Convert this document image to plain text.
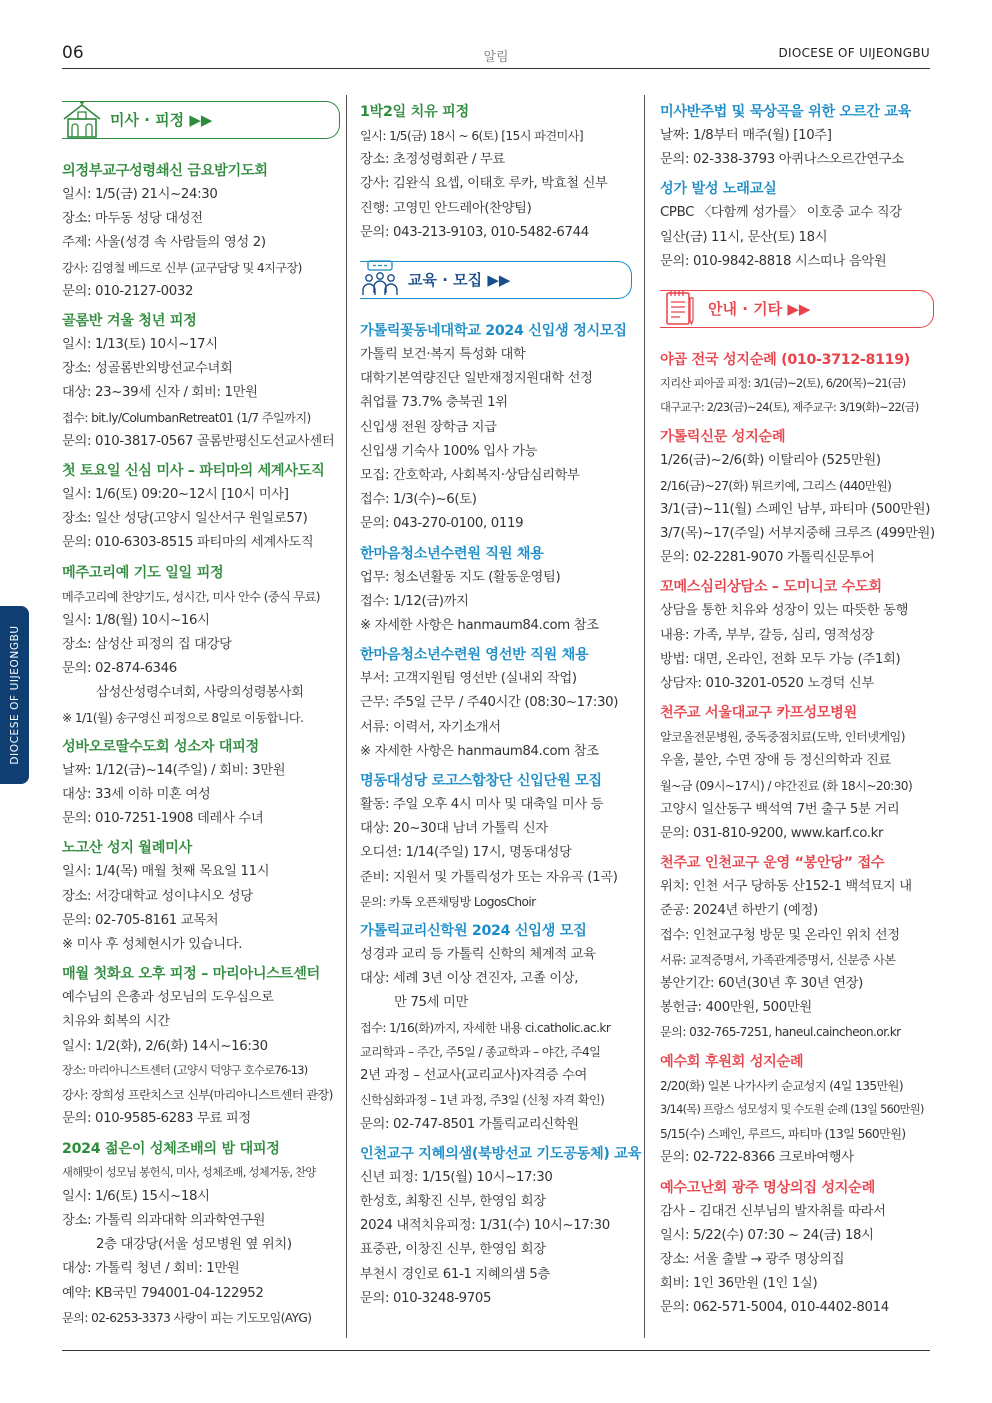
06	알림	DIOCESE OF UIJEONGBU
DIOCESE OF UIJEONGBU
미사 · 피정 ▶▶
의정부교구성령쇄신 금요밤기도회
일시: 1/5(금) 21시~24:30
장소: 마두동 성당 대성전
주제: 사울(성경 속 사람들의 영성 2)
강사: 김영철 베드로 신부 (교구담당 및 4지구장)
문의: 010-2127-0032
골롬반 겨울 청년 피정
일시: 1/13(토) 10시~17시
장소: 성골롬반외방선교수녀회
대상: 23~39세 신자 / 회비: 1만원
접수: bit.ly/ColumbanRetreat01 (1/7 주일까지)
문의: 010-3817-0567 골롬반평신도선교사센터
첫 토요일 신심 미사 – 파티마의 세계사도직
일시: 1/6(토) 09:20~12시 [10시 미사]
장소: 일산 성당(고양시 일산서구 원일로57)
문의: 010-6303-8515 파티마의 세계사도직
메주고리예 기도 일일 피정
메주고리예 찬양기도, 성시간, 미사 안수 (중식 무료)
일시: 1/8(월) 10시~16시
장소: 삼성산 피정의 집 대강당
문의: 02-874-6346
삼성산성령수녀회, 사랑의성령봉사회
※ 1/1(월) 송구영신 피정으로 8일로 이동합니다.
성바오로딸수도회 성소자 대피정
날짜: 1/12(금)~14(주일) / 회비: 3만원
대상: 33세 이하 미혼 여성
문의: 010-7251-1908 데레사 수녀
노고산 성지 월례미사
일시: 1/4(목) 매월 첫째 목요일 11시
장소: 서강대학교 성이냐시오 성당
문의: 02-705-8161 교목처
※ 미사 후 성체현시가 있습니다.
매월 첫화요 오후 피정 – 마리아니스트센터
예수님의 은총과 성모님의 도우심으로
치유와 회복의 시간
일시: 1/2(화), 2/6(화) 14시~16:30
장소: 마리아니스트센터 (고양시 덕양구 호수로76-13)
강사: 장희성 프란치스코 신부(마리아니스트센터 관장)
문의: 010-9585-6283 무료 피정
2024 젊은이 성체조배의 밤 대피정
새해맞이 성모님 봉헌식, 미사, 성체조배, 성체거동, 찬양
일시: 1/6(토) 15시~18시
장소: 가톨릭 의과대학 의과학연구원
2층 대강당(서울 성모병원 옆 위치)
대상: 가톨릭 청년 / 회비: 1만원
예약: KB국민 794001-04-122952
문의: 02-6253-3373 사랑이 피는 기도모임(AYG)
1박2일 치유 피정
일시: 1/5(금) 18시 ~ 6(토) [15시 파견미사]
장소: 초정성령회관 / 무료
강사: 김완식 요셉, 이태호 루카, 박효철 신부
진행: 고영민 안드레아(찬양팀)
문의: 043-213-9103, 010-5482-6744
교육 · 모집 ▶▶
가톨릭꽃동네대학교 2024 신입생 정시모집
가톨릭 보건·복지 특성화 대학
대학기본역량진단 일반재정지원대학 선정
취업률 73.7% 충북권 1위
신입생 전원 장학금 지급
신입생 기숙사 100% 입사 가능
모집: 간호학과, 사회복지·상담심리학부
접수: 1/3(수)~6(토)
문의: 043-270-0100, 0119
한마음청소년수련원 직원 채용
업무: 청소년활동 지도 (활동운영팀)
접수: 1/12(금)까지
※ 자세한 사항은 hanmaum84.com 참조
한마음청소년수련원 영선반 직원 채용
부서: 고객지원팀 영선반 (실내외 작업)
근무: 주5일 근무 / 주40시간 (08:30~17:30)
서류: 이력서, 자기소개서
※ 자세한 사항은 hanmaum84.com 참조
명동대성당 로고스합창단 신입단원 모집
활동: 주일 오후 4시 미사 및 대축일 미사 등
대상: 20~30대 남녀 가톨릭 신자
오디션: 1/14(주일) 17시, 명동대성당
준비: 지원서 및 가톨릭성가 또는 자유곡 (1곡)
문의: 카톡 오픈채팅방 LogosChoir
가톨릭교리신학원 2024 신입생 모집
성경과 교리 등 가톨릭 신학의 체계적 교육
대상: 세례 3년 이상 견진자, 고졸 이상,
만 75세 미만
접수: 1/16(화)까지, 자세한 내용 ci.catholic.ac.kr
교리학과 – 주간, 주5일 / 종교학과 – 야간, 주4일
2년 과정 – 선교사(교리교사)자격증 수여
신학심화과정 – 1년 과정, 주3일 (신청 자격 확인)
문의: 02-747-8501 가톨릭교리신학원
인천교구 지혜의샘(북방선교 기도공동체) 교육
신년 피정: 1/15(월) 10시~17:30
한성호, 최황진 신부, 한영임 회장
2024 내적치유피정: 1/31(수) 10시~17:30
표중관, 이창진 신부, 한영임 회장
부천시 경인로 61-1 지혜의샘 5층
문의: 010-3248-9705
미사반주법 및 묵상곡을 위한 오르간 교육
날짜: 1/8부터 매주(월) [10주]
문의: 02-338-3793 아퀴나스오르간연구소
성가 발성 노래교실
CPBC 〈다함께 성가를〉 이호중 교수 직강
일산(금) 11시, 문산(토) 18시
문의: 010-9842-8818 시스띠나 음악원
안내 · 기타 ▶▶
야곱 전국 성지순례 (010-3712-8119)
지리산 피아골 피정: 3/1(금)~2(토), 6/20(목)~21(금)
대구교구: 2/23(금)~24(토), 제주교구: 3/19(화)~22(금)
가톨릭신문 성지순례
1/26(금)~2/6(화) 이탈리아 (525만원)
2/16(금)~27(화) 튀르키예, 그리스 (440만원)
3/1(금)~11(월) 스페인 남부, 파티마 (500만원)
3/7(목)~17(주일) 서부지중해 크루즈 (499만원)
문의: 02-2281-9070 가톨릭신문투어
꼬메스심리상담소 – 도미니코 수도회
상담을 통한 치유와 성장이 있는 따뜻한 동행
내용: 가족, 부부, 갈등, 심리, 영적성장
방법: 대면, 온라인, 전화 모두 가능 (주1회)
상담자: 010-3201-0520 노경덕 신부
천주교 서울대교구 카프성모병원
알코올전문병원, 중독중점치료(도박, 인터넷게임)
우울, 불안, 수면 장애 등 정신의학과 진료
월~금 (09시~17시) / 야간진료 (화 18시~20:30)
고양시 일산동구 백석역 7번 출구 5분 거리
문의: 031-810-9200, www.karf.co.kr
천주교 인천교구 운영 “봉안당” 접수
위치: 인천 서구 당하동 산152-1 백석묘지 내
준공: 2024년 하반기 (예정)
접수: 인천교구청 방문 및 온라인 위치 선정
서류: 교적증명서, 가족관계증명서, 신분증 사본
봉안기간: 60년(30년 후 30년 연장)
봉헌금: 400만원, 500만원
문의: 032-765-7251, haneul.caincheon.or.kr
예수회 후원회 성지순례
2/20(화) 일본 나가사키 순교성지 (4일 135만원)
3/14(목) 프랑스 성모성지 및 수도원 순례 (13일 560만원)
5/15(수) 스페인, 루르드, 파티마 (13일 560만원)
문의: 02-722-8366 크로바여행사
예수고난회 광주 명상의집 성지순례
감사 – 김대건 신부님의 발자취를 따라서
일시: 5/22(수) 07:30 ~ 24(금) 18시
장소: 서울 출발 → 광주 명상의집
회비: 1인 36만원 (1인 1실)
문의: 062-571-5004, 010-4402-8014
